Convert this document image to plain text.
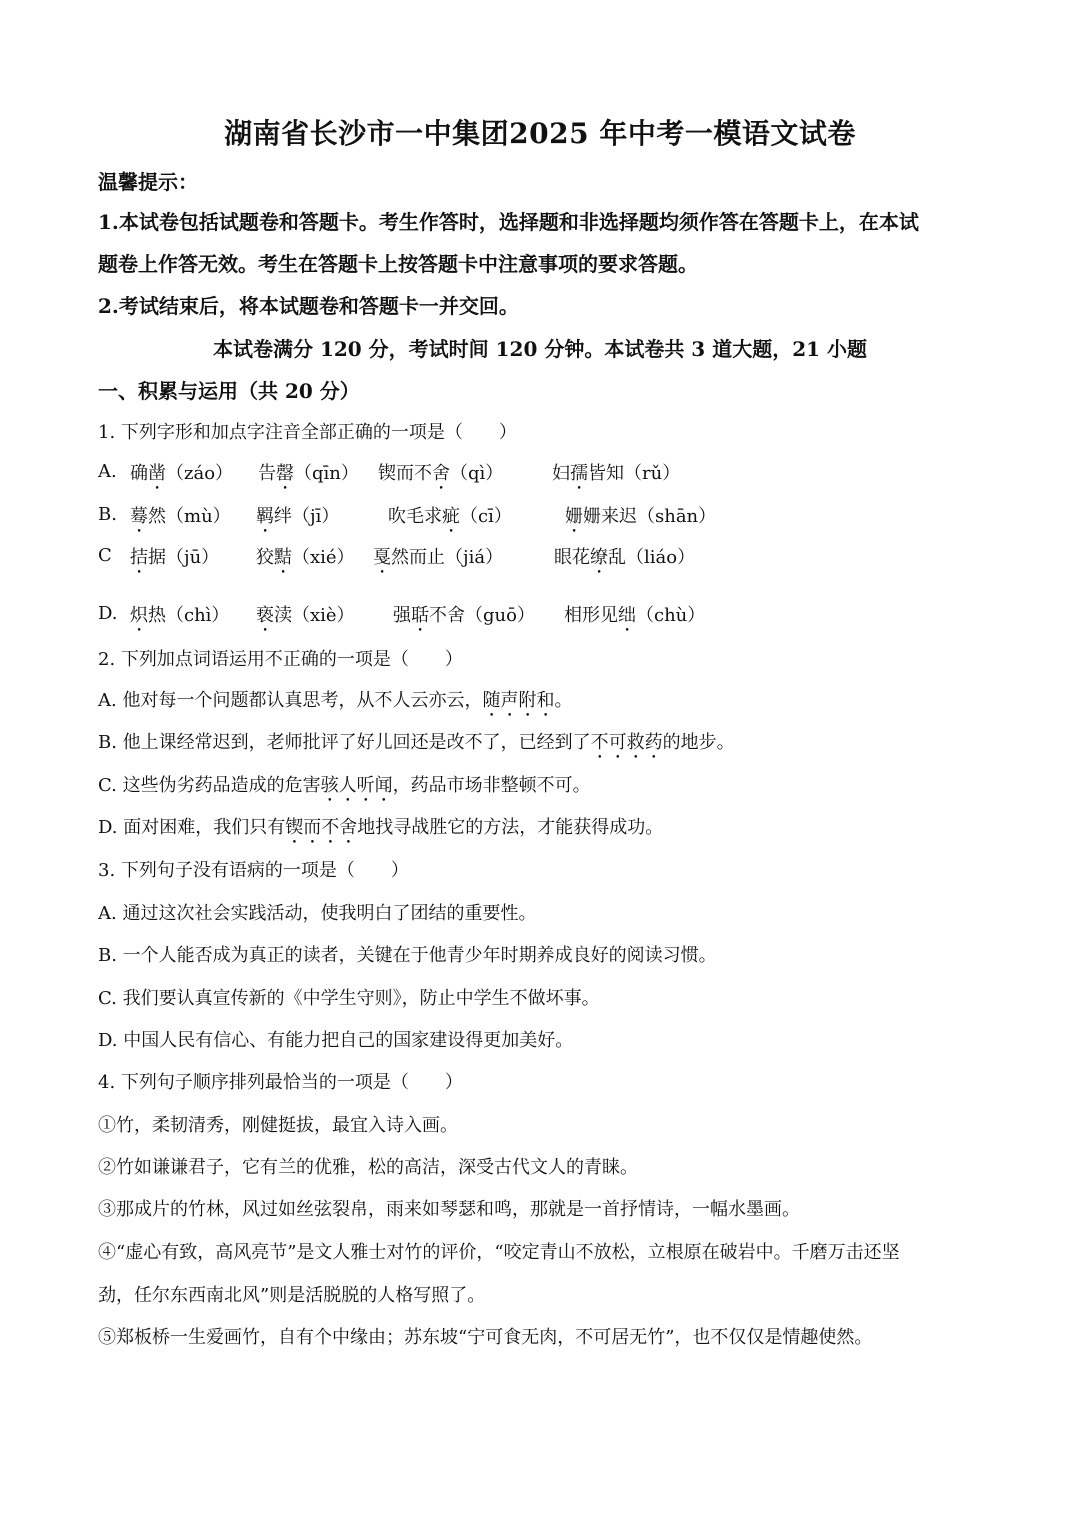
湖南省长沙市一中集团2025 年中考一模语文试卷
温馨提示：
1.本试卷包括试题卷和答题卡。考生作答时，选择题和非选择题均须作答在答题卡上，在本试
题卷上作答无效。考生在答题卡上按答题卡中注意事项的要求答题。
2.考试结束后，将本试题卷和答题卡一并交回。
本试卷满分 120 分，考试时间 120 分钟。本试卷共 3 道大题，21 小题
一、积累与运用（共 20 分）
1. 下列字形和加点字注音全部正确的一项是（　　）
A. 确凿（záo） 告罄（qīn） 锲而不舍（qì）	妇孺皆知（rǔ）
B. 蓦然（mù） 羁绊（jī）	吹毛求疵（cī）	姗姗来迟（shān）
C 拮据（jū） 狡黠（xié） 戛然而止（jiá）	眼花缭乱（liáo）
D. 炽热（chì） 亵渎（xiè） 强聒不舍（guō） 相形见绌（chù）
2. 下列加点词语运用不正确的一项是（　　）
A. 他对每一个问题都认真思考，从不人云亦云，随声附和。
B. 他上课经常迟到，老师批评了好儿回还是改不了，已经到了不可救药的地步。
C. 这些伪劣药品造成的危害骇人听闻，药品市场非整顿不可。
D. 面对困难，我们只有锲而不舍地找寻战胜它的方法，才能获得成功。
3. 下列句子没有语病的一项是（　　）
A. 通过这次社会实践活动，使我明白了团结的重要性。
B. 一个人能否成为真正的读者，关键在于他青少年时期养成良好的阅读习惯。
C. 我们要认真宣传新的《中学生守则》，防止中学生不做坏事。
D. 中国人民有信心、有能力把自己的国家建设得更加美好。
4. 下列句子顺序排列最恰当的一项是（　　）
①竹，柔韧清秀，刚健挺拔，最宜入诗入画。
②竹如谦谦君子，它有兰的优雅，松的高洁，深受古代文人的青睐。
③那成片的竹林，风过如丝弦裂帛，雨来如琴瑟和鸣，那就是一首抒情诗，一幅水墨画。
④“虚心有致，高风亮节”是文人雅士对竹的评价，“咬定青山不放松，立根原在破岩中。千磨万击还坚
劲，任尔东西南北风”则是活脱脱的人格写照了。
⑤郑板桥一生爱画竹，自有个中缘由；苏东坡“宁可食无肉，不可居无竹”，也不仅仅是情趣使然。
